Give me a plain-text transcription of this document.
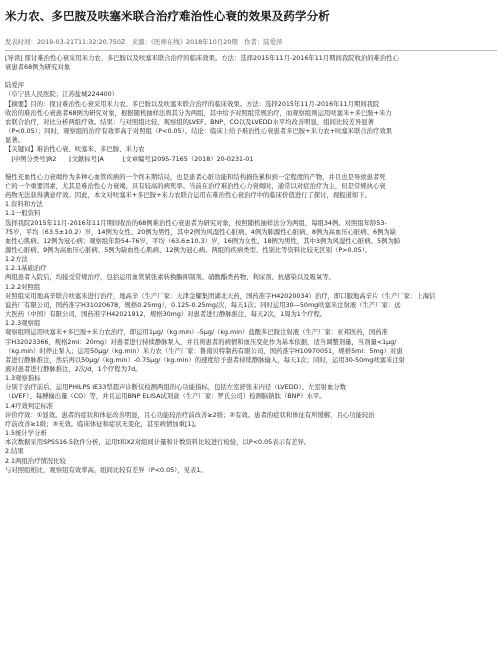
米力农、多巴胺及呋塞米联合治疗难治性心衰的效果及药学分析
发表时间：2019-03-21T11:32:20.750Z　来源：《医师在线》2018年10月20期　作者：陆爱萍

[导读] 探讨难治性心衰采用米力农、多巴胺以及呋塞米联合治疗的临床效果。方法：选择2015年11月-2016年11月期间我院收治的难治性心

衰患者68例为研究对象

陆爱萍

（阜宁县人民医院；江苏盐城224400）

【摘要】目的：探讨难治性心衰采用米力农、多巴胺以及呋塞米联合治疗的临床效果。方法：选择2015年11月-2016年11月期间我院

收治的难治性心衰患者68例为研究对象，根据随机抽样法将其分为两组，其中给予对照组常规治疗，而观察组则运用呋塞米+多巴胺+米力

农联合治疗，对比分析两组疗效。结果：与对照组比较，观察组的LVEF、BNP、CO以及LVEDD水平均改善明显，组间比较差异显著

（P<0.05）；同时，观察组的治疗有效率高于对照组（P<0.05）。结论：临床上给予难治性心衰患者多巴胺+米力农+呋塞米联合治疗效果

显著。

【关键词】难治性心衰、呋塞米、多巴胺、米力农

　[中图分类号]R2　　[文献标号]A　　　[文章编号]2095-7165（2018）20-0231-01

慢性充血性心力衰竭作为多种心血管疾病的一个终末期结局，也是患者心脏功能和结构损伤累积到一定程度的产物，并且也是导致患者死

亡的一个重要因素，尤其是难治性心力衰竭，具有较高的病死率。当前在治疗难治性心力衰竭时，通常以对症治疗为主，但是常规执心衰

药物无法获得满意疗效。因此，本文对呋塞米+多巴胺+米力农联合运用在难治性心衰治疗中的临床价值进行了探讨，现报道如下。

1.资料和方法

1.1一般资料

选择我院2015年11月-2016年11月期间收治的68例难治性心衰患者为研究对象，按照随机抽样法分为两组，每组34例。对照组年龄53-

75岁，平均（63.5±10.2）岁，14例为女性、20例为男性，其中2例为风湿性心脏病、4例为肺源性心脏病、8例为高血压心脏病、6例为缺

血性心肌病、12例为冠心病；观察组年龄54-76岁，平均（63.6±10.3）岁，16例为女性、18例为男性，其中3例为风湿性心脏病、5例为肺

源性心脏病、9例为高血压心脏病、5例为缺血性心肌病、12例为冠心病。两组的疾病类型、性别比等资料比较无区别（P>0.05）。

1.2方法

1.2.1基础治疗

两组患者入院后，均接受常规治疗，包括运用血管紧张素转换酶抑制剂、硝酸酯类药物、利尿剂、抗感染以及吸氧等。

1.2.2对照组

对照组采用地高辛联合呋塞米进行治疗，地高辛（生产厂家：天津金耀集团湖北天药，国药准字H42020034）治疗，即口服地高辛片（生产厂家：上海信

谊药厂有限公司，国药准字H31020678，规格0.25mg），0.125-0.25mg/次，每天1次；同时运用30—50mg呋塞米注射液（生产厂家：远

大医药（中国）有限公司，国药准字H42021912，规格30mg）对患者进行静脉推注，每天2次，1周为1个疗程。

1.2.3观察组

观察组则运用呋塞米+多巴胺+米力农治疗，即运用1μg/（kg.min）-5μg/（kg.min）盐酸多巴胺注射液（生产厂家：亚邦医药，国药准

字H32023366，规格2ml：20mg）对患者进行持续静脉泵入，并且将患者的病情和血压变化作为基本依据，适当调整剂量，当剂量<1μg/

（kg.min）时停止泵入；运用50μg/（kg.min）米力农（生产厂家：鲁南贝特制药有限公司，国药准字H10970051，规格5ml：5mg）对患

者进行静脉推注，然后再以50μg/（kg.min）-0.75μg/（kg.min）的速度给予患者持续静脉输入，每天1次；同时，运用30-50mg呋塞米注射

液对患者进行静脉推注，2次/d，1个疗程为7d。

1.3观察指标

分别于治疗前后，运用PHILPS IE33型超声诊断仪检测两组的心功能指标，包括左室舒张末内径（LVEDD）、左室射血分数

（LVEF）、每搏输出量（CO）等，并且运用BNP ELISA试剂盒（生产厂家：罗氏公司）检测脑钠肽（BNP）水平。

1.4疗效判定标准

评价疗效：①显效。患者的症状和体征改善明显，且心功能较治疗前改善≥2级；②有效。患者的症状和体征有所缓解，且心功能较治

疗前改善≥1级；③无效。临床体征和症状无变化，甚至病情加重[1]。

1.5统计学分析

本次数据采用SPSS16.5软件分析，运用t和X2对组间计量和计数资料比较进行检验，以P<0.05表示有差异。

2.结果

2.1两组治疗情况比较

与对照组相比，观察组有效率高，组间比较有差异（P<0.05），见表1。
